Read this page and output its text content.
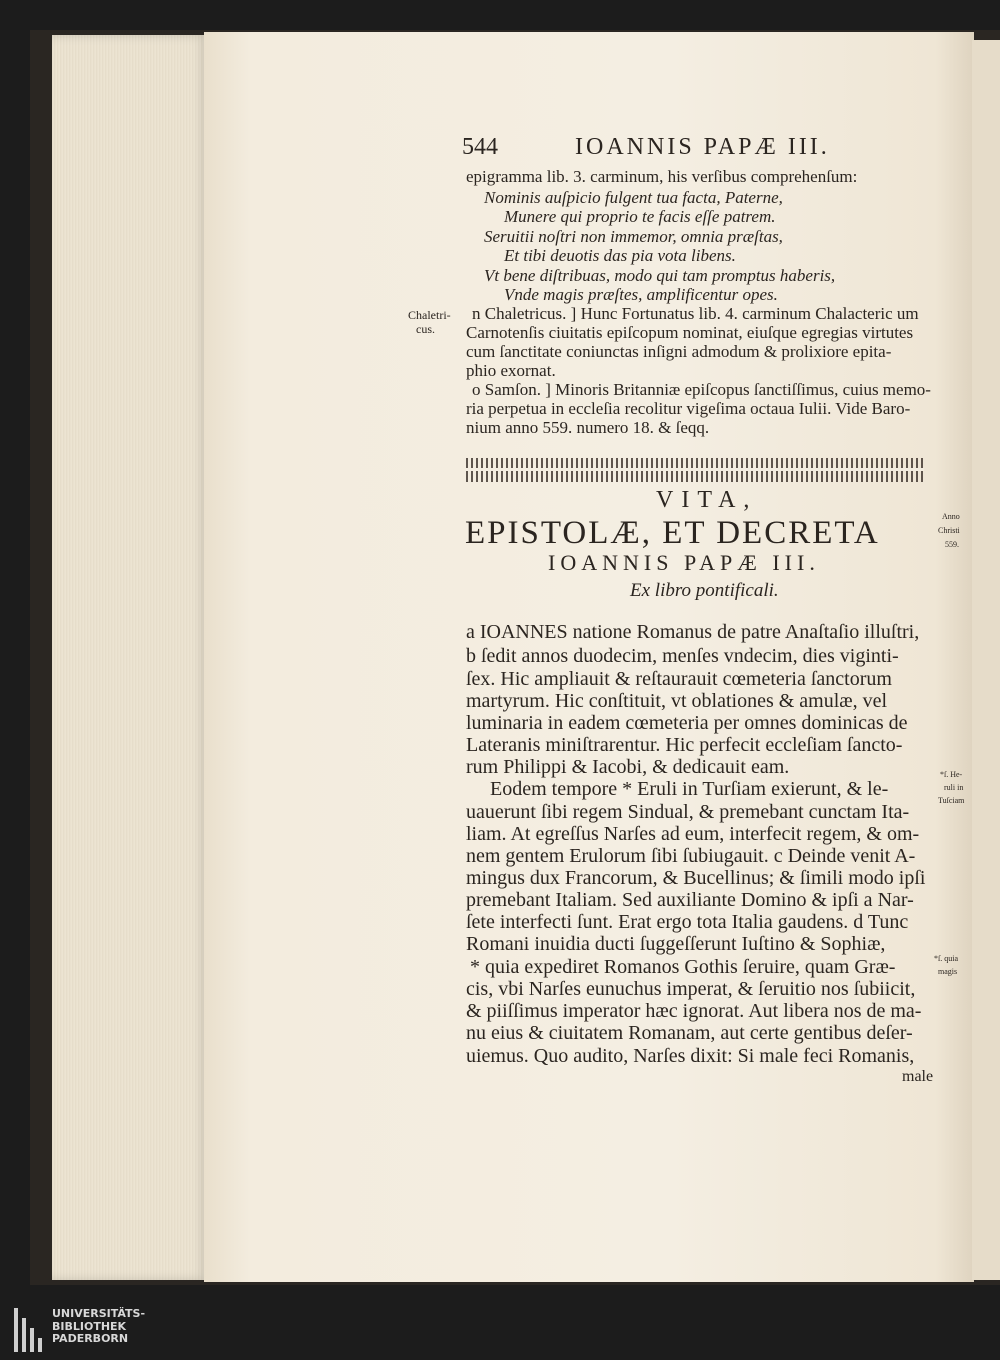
544	IOANNIS PAPÆ III.
epigramma lib. 3. carminum, his verſibus comprehenſum:
Nominis auſpicio fulgent tua facta, Paterne,
Munere qui proprio te facis eſſe patrem.
Seruitii noſtri non immemor, omnia præſtas,
Et tibi deuotis das pia vota libens.
Vt bene diſtribuas, modo qui tam promptus haberis,
Vnde magis præſtes, amplificentur opes.
n Chaletricus. ] Hunc Fortunatus lib. 4. carminum Chalacteric um
Carnotenſis ciuitatis epiſcopum nominat, eiuſque egregias virtutes
cum ſanctitate coniunctas inſigni admodum & prolixiore epita-
phio exornat.
o Samſon. ] Minoris Britanniæ epiſcopus ſanctiſſimus, cuius memo-
ria perpetua in eccleſia recolitur vigeſima octaua Iulii. Vide Baro-
nium anno 559. numero 18. & ſeqq.
Chaletri-
cus.
VITA,
EPISTOLÆ, ET DECRETA
IOANNIS PAPÆ III.
Ex libro pontificali.
Anno
Christi
559.
*ſ. He-
ruli in
Tuſciam
*ſ. quia
magis
a IOANNES natione Romanus de patre Anaſtaſio illuſtri,
b ſedit annos duodecim, menſes vndecim, dies viginti-
ſex. Hic ampliauit & reſtaurauit cœmeteria ſanctorum
martyrum. Hic conſtituit, vt oblationes & amulæ, vel
luminaria in eadem cœmeteria per omnes dominicas de
Lateranis miniſtrarentur. Hic perfecit eccleſiam ſancto-
rum Philippi & Iacobi, & dedicauit eam.
Eodem tempore * Eruli in Turſiam exierunt, & le-
uauerunt ſibi regem Sindual, & premebant cunctam Ita-
liam. At egreſſus Narſes ad eum, interfecit regem, & om-
nem gentem Erulorum ſibi ſubiugauit. c Deinde venit A-
mingus dux Francorum, & Bucellinus; & ſimili modo ipſi
premebant Italiam. Sed auxiliante Domino & ipſi a Nar-
ſete interfecti ſunt. Erat ergo tota Italia gaudens. d Tunc
Romani inuidia ducti ſuggeſſerunt Iuſtino & Sophiæ,
* quia expediret Romanos Gothis ſeruire, quam Græ-
cis, vbi Narſes eunuchus imperat, & ſeruitio nos ſubiicit,
& piiſſimus imperator hæc ignorat. Aut libera nos de ma-
nu eius & ciuitatem Romanam, aut certe gentibus deſer-
uiemus. Quo audito, Narſes dixit: Si male feci Romanis,
male
UNIVERSITÄTS-
BIBLIOTHEK
PADERBORN
